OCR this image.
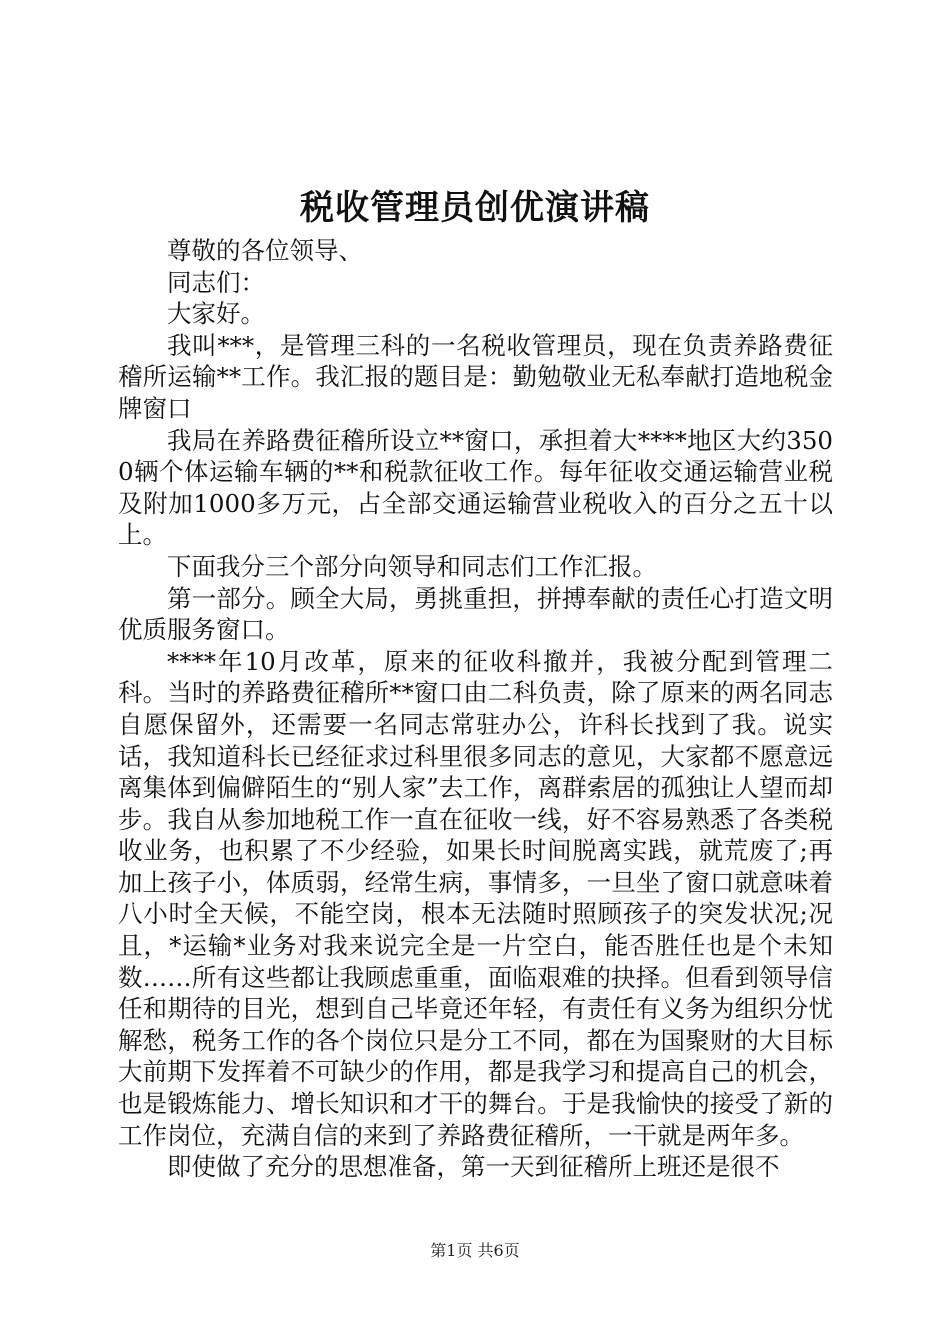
税收管理员创优演讲稿

尊敬的各位领导、

同志们：

大家好。

我叫***，是管理三科的一名税收管理员，现在负责养路费征稽所运输**工作。我汇报的题目是：勤勉敬业无私奉献打造地税金牌窗口

我局在养路费征稽所设立**窗口，承担着大****地区大约3500辆个体运输车辆的**和税款征收工作。每年征收交通运输营业税及附加1000多万元，占全部交通运输营业税收入的百分之五十以上。

下面我分三个部分向领导和同志们工作汇报。

第一部分。顾全大局，勇挑重担，拼搏奉献的责任心打造文明优质服务窗口。

****年10月改革，原来的征收科撤并，我被分配到管理二科。当时的养路费征稽所**窗口由二科负责，除了原来的两名同志自愿保留外，还需要一名同志常驻办公，许科长找到了我。说实话，我知道科长已经征求过科里很多同志的意见，大家都不愿意远离集体到偏僻陌生的“别人家”去工作，离群索居的孤独让人望而却步。我自从参加地税工作一直在征收一线，好不容易熟悉了各类税收业务，也积累了不少经验，如果长时间脱离实践，就荒废了;再加上孩子小，体质弱，经常生病，事情多，一旦坐了窗口就意味着八小时全天候，不能空岗，根本无法随时照顾孩子的突发状况;况且，*运输*业务对我来说完全是一片空白，能否胜任也是个未知数……所有这些都让我顾虑重重，面临艰难的抉择。但看到领导信任和期待的目光，想到自己毕竟还年轻，有责任有义务为组织分忧解愁，税务工作的各个岗位只是分工不同，都在为国聚财的大目标大前期下发挥着不可缺少的作用，都是我学习和提高自己的机会，也是锻炼能力、增长知识和才干的舞台。于是我愉快的接受了新的工作岗位，充满自信的来到了养路费征稽所，一干就是两年多。

即使做了充分的思想准备，第一天到征稽所上班还是很不

第1页 共6页
